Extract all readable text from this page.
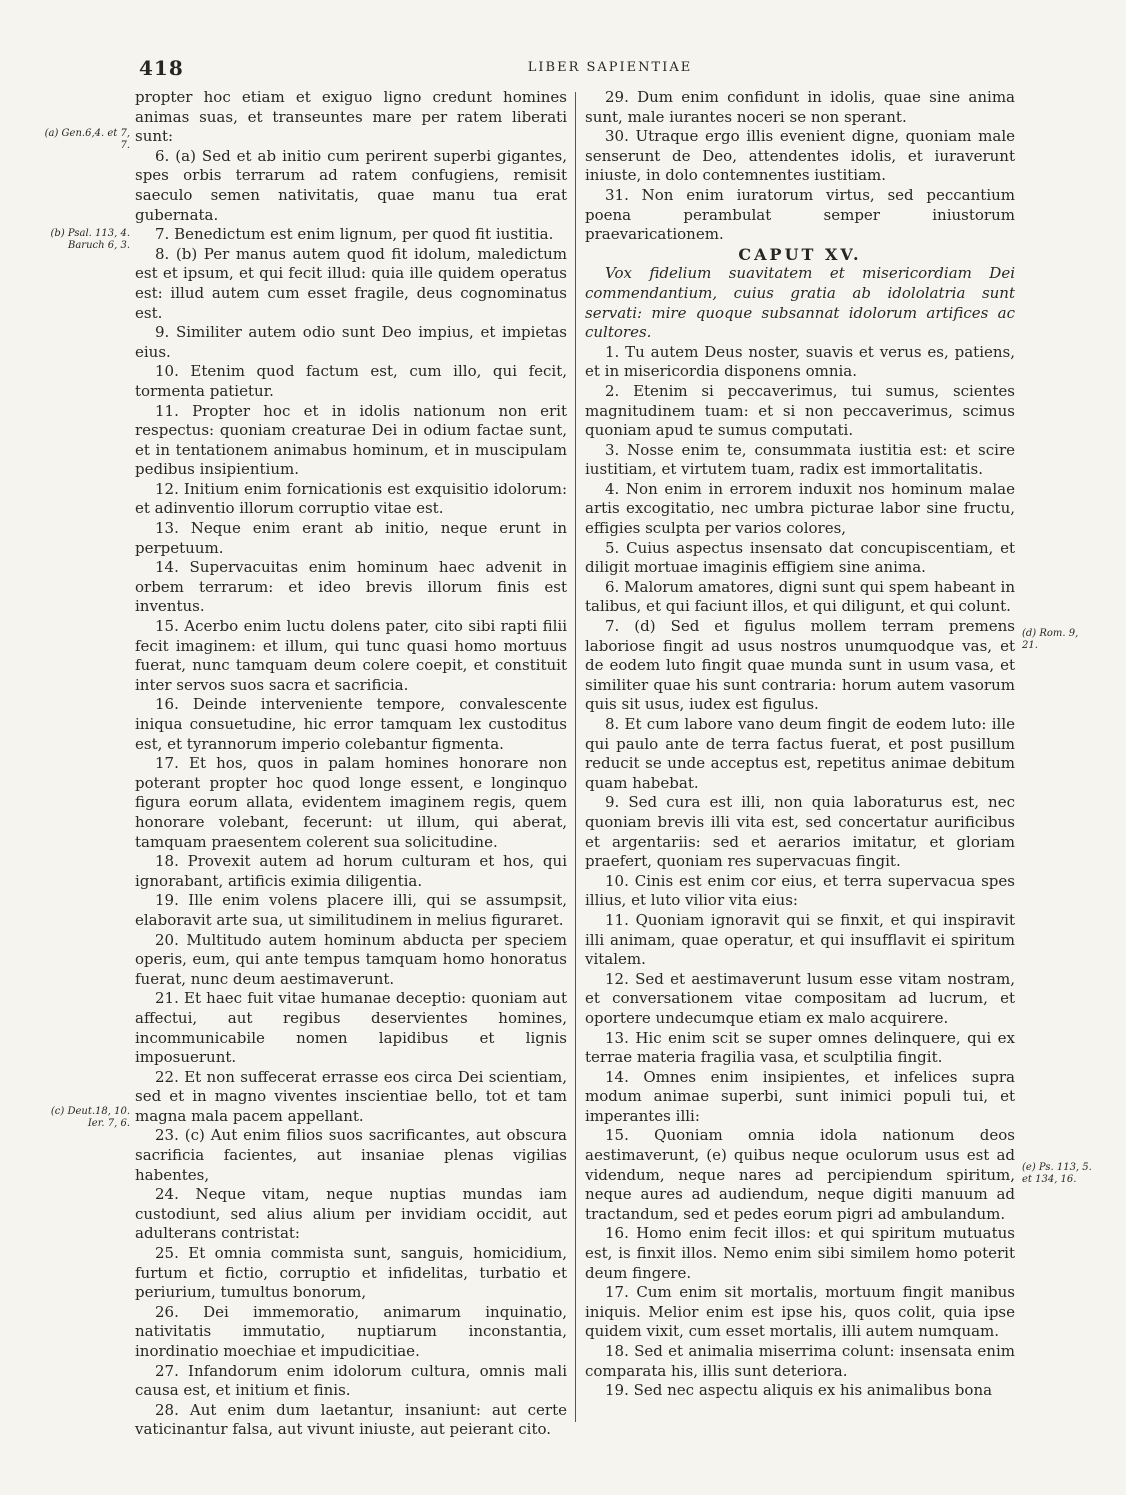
418	LIBER SAPIENTIAE

propter hoc etiam et exiguo ligno credunt homines animas suas, et transeuntes mare per ratem liberati sunt:

6. (a) Sed et ab initio cum perirent superbi gigantes, spes orbis terrarum ad ratem confugiens, remisit saeculo semen nativitatis, quae manu tua erat gubernata.

7. Benedictum est enim lignum, per quod fit iustitia.

8. (b) Per manus autem quod fit idolum, maledictum est et ipsum, et qui fecit illud: quia ille quidem operatus est: illud autem cum esset fragile, deus cognominatus est.

9. Similiter autem odio sunt Deo impius, et impietas eius.

10. Etenim quod factum est, cum illo, qui fecit, tormenta patietur.

11. Propter hoc et in idolis nationum non erit respectus: quoniam creaturae Dei in odium factae sunt, et in tentationem animabus hominum, et in muscipulam pedibus insipientium.

12. Initium enim fornicationis est exquisitio idolorum: et adinventio illorum corruptio vitae est.

13. Neque enim erant ab initio, neque erunt in perpetuum.

14. Supervacuitas enim hominum haec advenit in orbem terrarum: et ideo brevis illorum finis est inventus.

15. Acerbo enim luctu dolens pater, cito sibi rapti filii fecit imaginem: et illum, qui tunc quasi homo mortuus fuerat, nunc tamquam deum colere coepit, et constituit inter servos suos sacra et sacrificia.

16. Deinde interveniente tempore, convalescente iniqua consuetudine, hic error tamquam lex custoditus est, et tyrannorum imperio colebantur figmenta.

17. Et hos, quos in palam homines honorare non poterant propter hoc quod longe essent, e longinquo figura eorum allata, evidentem imaginem regis, quem honorare volebant, fecerunt: ut illum, qui aberat, tamquam praesentem colerent sua solicitudine.

18. Provexit autem ad horum culturam et hos, qui ignorabant, artificis eximia diligentia.

19. Ille enim volens placere illi, qui se assumpsit, elaboravit arte sua, ut similitudinem in melius figuraret.

20. Multitudo autem hominum abducta per speciem operis, eum, qui ante tempus tamquam homo honoratus fuerat, nunc deum aestimaverunt.

21. Et haec fuit vitae humanae deceptio: quoniam aut affectui, aut regibus deservientes homines, incommunicabile nomen lapidibus et lignis imposuerunt.

22. Et non suffecerat errasse eos circa Dei scientiam, sed et in magno viventes inscientiae bello, tot et tam magna mala pacem appellant.

23. (c) Aut enim filios suos sacrificantes, aut obscura sacrificia facientes, aut insaniae plenas vigilias habentes,

24. Neque vitam, neque nuptias mundas iam custodiunt, sed alius alium per invidiam occidit, aut adulterans contristat:

25. Et omnia commista sunt, sanguis, homicidium, furtum et fictio, corruptio et infidelitas, turbatio et periurium, tumultus bonorum,

26. Dei immemoratio, animarum inquinatio, nativitatis immutatio, nuptiarum inconstantia, inordinatio moechiae et impudicitiae.

27. Infandorum enim idolorum cultura, omnis mali causa est, et initium et finis.

28. Aut enim dum laetantur, insaniunt: aut certe vaticinantur falsa, aut vivunt iniuste, aut peierant cito.

29. Dum enim confidunt in idolis, quae sine anima sunt, male iurantes noceri se non sperant.

30. Utraque ergo illis evenient digne, quoniam male senserunt de Deo, attendentes idolis, et iuraverunt iniuste, in dolo contemnentes iustitiam.

31. Non enim iuratorum virtus, sed peccantium poena perambulat semper iniustorum praevaricationem.

CAPUT XV.

Vox fidelium suavitatem et misericordiam Dei commendantium, cuius gratia ab idololatria sunt servati: mire quoque subsannat idolorum artifices ac cultores.

1. Tu autem Deus noster, suavis et verus es, patiens, et in misericordia disponens omnia.

2. Etenim si peccaverimus, tui sumus, scientes magnitudinem tuam: et si non peccaverimus, scimus quoniam apud te sumus computati.

3. Nosse enim te, consummata iustitia est: et scire iustitiam, et virtutem tuam, radix est immortalitatis.

4. Non enim in errorem induxit nos hominum malae artis excogitatio, nec umbra picturae labor sine fructu, effigies sculpta per varios colores,

5. Cuius aspectus insensato dat concupiscentiam, et diligit mortuae imaginis effigiem sine anima.

6. Malorum amatores, digni sunt qui spem habeant in talibus, et qui faciunt illos, et qui diligunt, et qui colunt.

7. (d) Sed et figulus mollem terram premens laboriose fingit ad usus nostros unumquodque vas, et de eodem luto fingit quae munda sunt in usum vasa, et similiter quae his sunt contraria: horum autem vasorum quis sit usus, iudex est figulus.

8. Et cum labore vano deum fingit de eodem luto: ille qui paulo ante de terra factus fuerat, et post pusillum reducit se unde acceptus est, repetitus animae debitum quam habebat.

9. Sed cura est illi, non quia laboraturus est, nec quoniam brevis illi vita est, sed concertatur aurificibus et argentariis: sed et aerarios imitatur, et gloriam praefert, quoniam res supervacuas fingit.

10. Cinis est enim cor eius, et terra supervacua spes illius, et luto vilior vita eius:

11. Quoniam ignoravit qui se finxit, et qui inspiravit illi animam, quae operatur, et qui insufflavit ei spiritum vitalem.

12. Sed et aestimaverunt lusum esse vitam nostram, et conversationem vitae compositam ad lucrum, et oportere undecumque etiam ex malo acquirere.

13. Hic enim scit se super omnes delinquere, qui ex terrae materia fragilia vasa, et sculptilia fingit.

14. Omnes enim insipientes, et infelices supra modum animae superbi, sunt inimici populi tui, et imperantes illi:

15. Quoniam omnia idola nationum deos aestimaverunt, (e) quibus neque oculorum usus est ad videndum, neque nares ad percipiendum spiritum, neque aures ad audiendum, neque digiti manuum ad tractandum, sed et pedes eorum pigri ad ambulandum.

16. Homo enim fecit illos: et qui spiritum mutuatus est, is finxit illos. Nemo enim sibi similem homo poterit deum fingere.

17. Cum enim sit mortalis, mortuum fingit manibus iniquis. Melior enim est ipse his, quos colit, quia ipse quidem vixit, cum esset mortalis, illi autem numquam.

18. Sed et animalia miserrima colunt: insensata enim comparata his, illis sunt deteriora.

19. Sed nec aspectu aliquis ex his animalibus bona

(a) Gen.6,4. et 7, 7.
(b) Psal. 113, 4. Baruch 6, 3.
(c) Deut.18, 10. Ier. 7, 6.
(d) Rom. 9, 21.
(e) Ps. 113, 5. et 134, 16.
